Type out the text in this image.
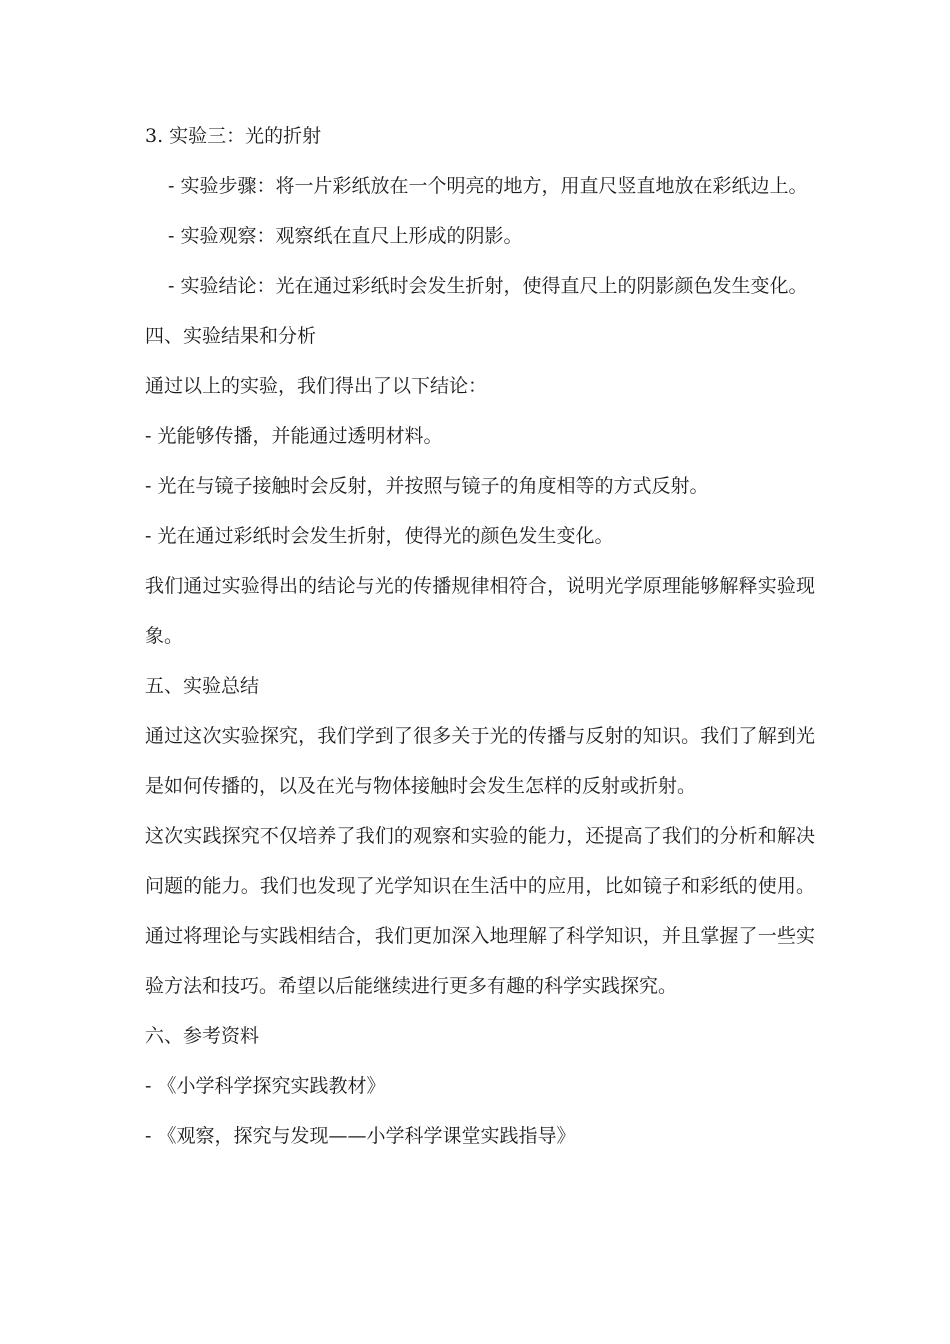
3. 实验三：光的折射
- 实验步骤：将一片彩纸放在一个明亮的地方，用直尺竖直地放在彩纸边上。
- 实验观察：观察纸在直尺上形成的阴影。
- 实验结论：光在通过彩纸时会发生折射，使得直尺上的阴影颜色发生变化。
四、实验结果和分析
通过以上的实验，我们得出了以下结论：
- 光能够传播，并能通过透明材料。
- 光在与镜子接触时会反射，并按照与镜子的角度相等的方式反射。
- 光在通过彩纸时会发生折射，使得光的颜色发生变化。
我们通过实验得出的结论与光的传播规律相符合，说明光学原理能够解释实验现
象。
五、实验总结
通过这次实验探究，我们学到了很多关于光的传播与反射的知识。我们了解到光
是如何传播的，以及在光与物体接触时会发生怎样的反射或折射。
这次实践探究不仅培养了我们的观察和实验的能力，还提高了我们的分析和解决
问题的能力。我们也发现了光学知识在生活中的应用，比如镜子和彩纸的使用。
通过将理论与实践相结合，我们更加深入地理解了科学知识，并且掌握了一些实
验方法和技巧。希望以后能继续进行更多有趣的科学实践探究。
六、参考资料
- 《小学科学探究实践教材》
- 《观察，探究与发现——小学科学课堂实践指导》
